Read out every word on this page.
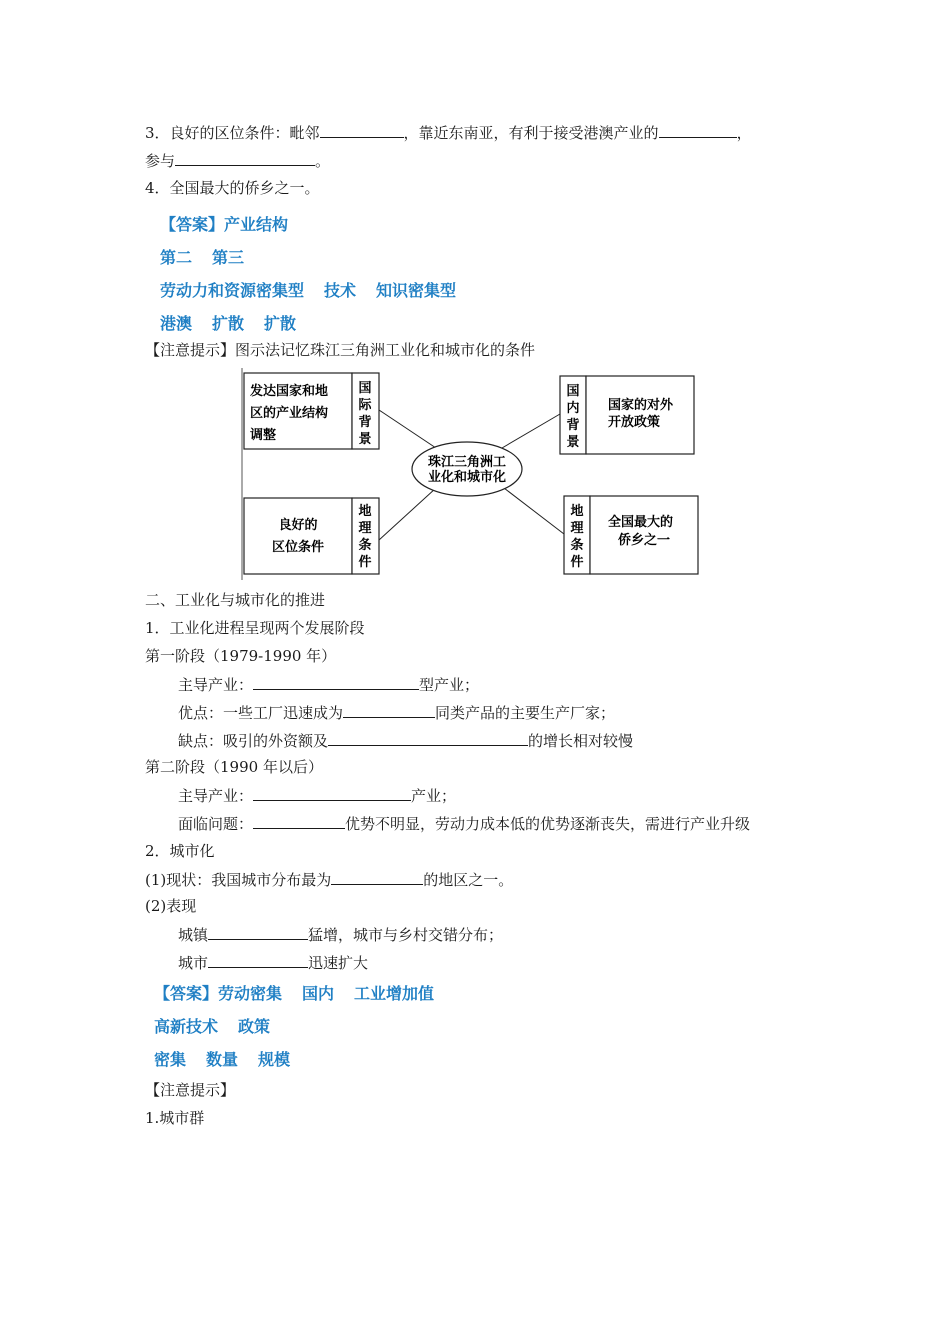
3．良好的区位条件：毗邻	，靠近东南亚，有利于接受港澳产业的	，
参与	。
4．全国最大的侨乡之一。
【答案】产业结构
第二 第三
劳动力和资源密集型 技术 知识密集型
港澳 扩散 扩散
【注意提示】图示法记忆珠江三角洲工业化和城市化的条件
珠江三角洲工
业化和城市化
发达国家和地
区的产业结构
调整
国
际
背
景
国
内
背
景
国家的对外
开放政策
良好的
区位条件
地
理
条
件
地
理
条
件
全国最大的
侨乡之一
二、工业化与城市化的推进
1．工业化进程呈现两个发展阶段
第一阶段（1979-1990 年）
主导产业：	型产业；
优点：一些工厂迅速成为	同类产品的主要生产厂家；
缺点：吸引的外资额及	的增长相对较慢
第二阶段（1990 年以后）
主导产业：	产业；
面临问题：	优势不明显，劳动力成本低的优势逐渐丧失，需进行产业升级
2．城市化
(1)现状：我国城市分布最为	的地区之一。
(2)表现
城镇	猛增，城市与乡村交错分布；
城市	迅速扩大
【答案】劳动密集 国内 工业增加值
高新技术 政策
密集 数量 规模
【注意提示】
1.城市群
